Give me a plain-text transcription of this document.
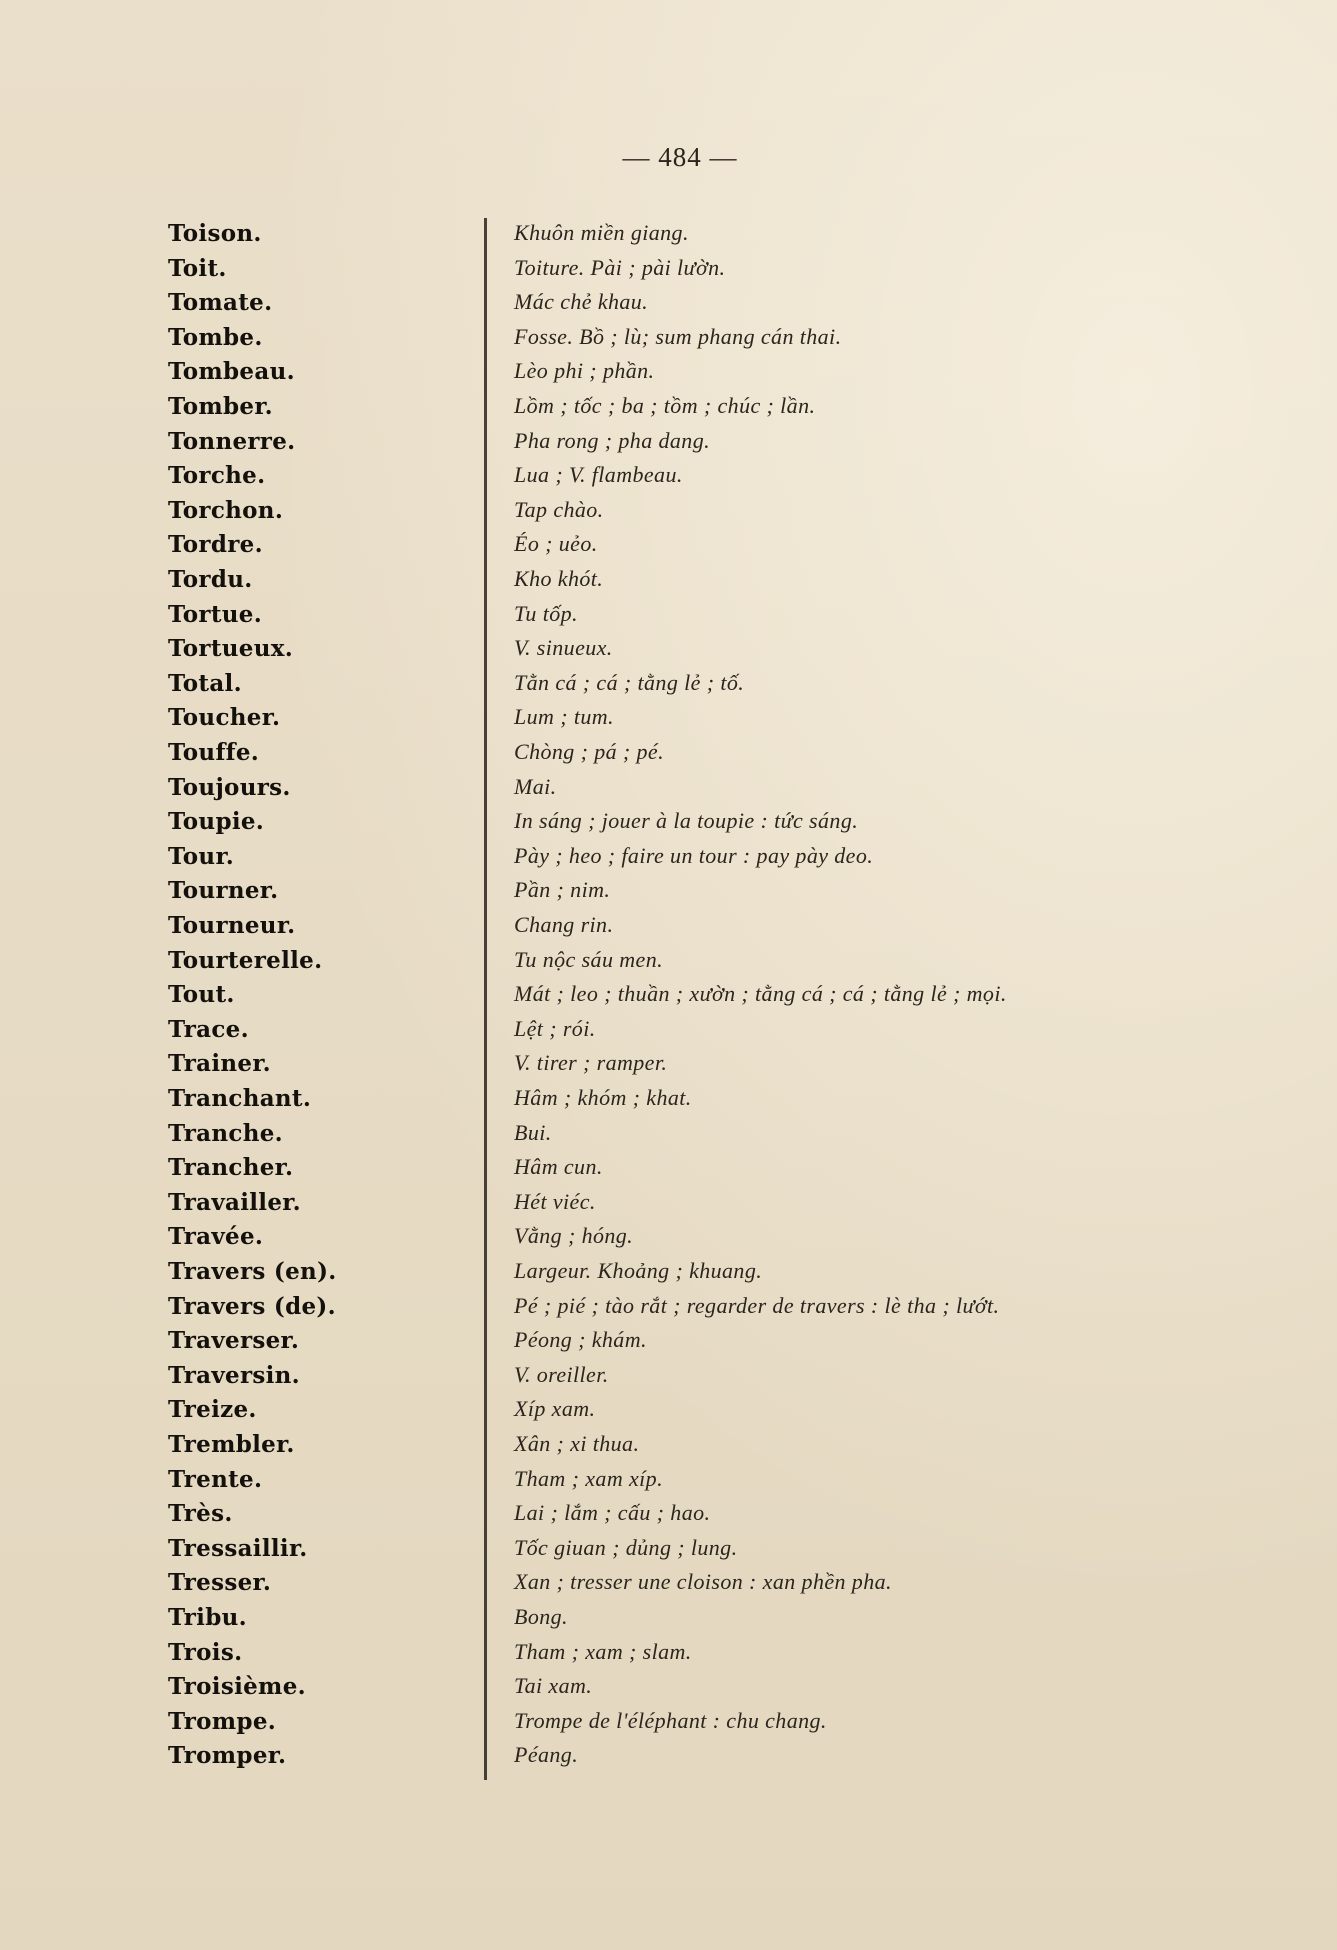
— 484 —
Toison.	Khuôn miền giang.
Toit.	Toiture. Pài ; pài lườn.
Tomate.	Mác chẻ khau.
Tombe.	Fosse. Bồ ; lù; sum phang cán thai.
Tombeau.	Lèo phi ; phần.
Tomber.	Lồm ; tốc ; ba ; tồm ; chúc ; lần.
Tonnerre.	Pha rong ; pha dang.
Torche.	Lua ; V. flambeau.
Torchon.	Tap chào.
Tordre.	Éo ; uẻo.
Tordu.	Kho khót.
Tortue.	Tu tốp.
Tortueux.	V. sinueux.
Total.	Tằn cá ; cá ; tằng lẻ ; tố.
Toucher.	Lum ; tum.
Touffe.	Chòng ; pá ; pé.
Toujours.	Mai.
Toupie.	In sáng ; jouer à la toupie : tức sáng.
Tour.	Pày ; heo ; faire un tour : pay pày deo.
Tourner.	Pần ; nim.
Tourneur.	Chang rin.
Tourterelle.	Tu nộc sáu men.
Tout.	Mát ; leo ; thuần ; xườn ; tằng cá ; cá ; tằng lẻ ; mọi.
Trace.	Lệt ; rói.
Trainer.	V. tirer ; ramper.
Tranchant.	Hâm ; khóm ; khat.
Tranche.	Bui.
Trancher.	Hâm cun.
Travailler.	Hét viéc.
Travée.	Vằng ; hóng.
Travers (en).	Largeur. Khoảng ; khuang.
Travers (de).	Pé ; pié ; tào rắt ; regarder de travers : lè tha ; lướt.
Traverser.	Péong ; khám.
Traversin.	V. oreiller.
Treize.	Xíp xam.
Trembler.	Xân ; xi thua.
Trente.	Tham ; xam xíp.
Très.	Lai ; lắm ; cấu ; hao.
Tressaillir.	Tốc giuan ; dủng ; lung.
Tresser.	Xan ; tresser une cloison : xan phền pha.
Tribu.	Bong.
Trois.	Tham ; xam ; slam.
Troisième.	Tai xam.
Trompe.	Trompe de l'éléphant : chu chang.
Tromper.	Péang.
